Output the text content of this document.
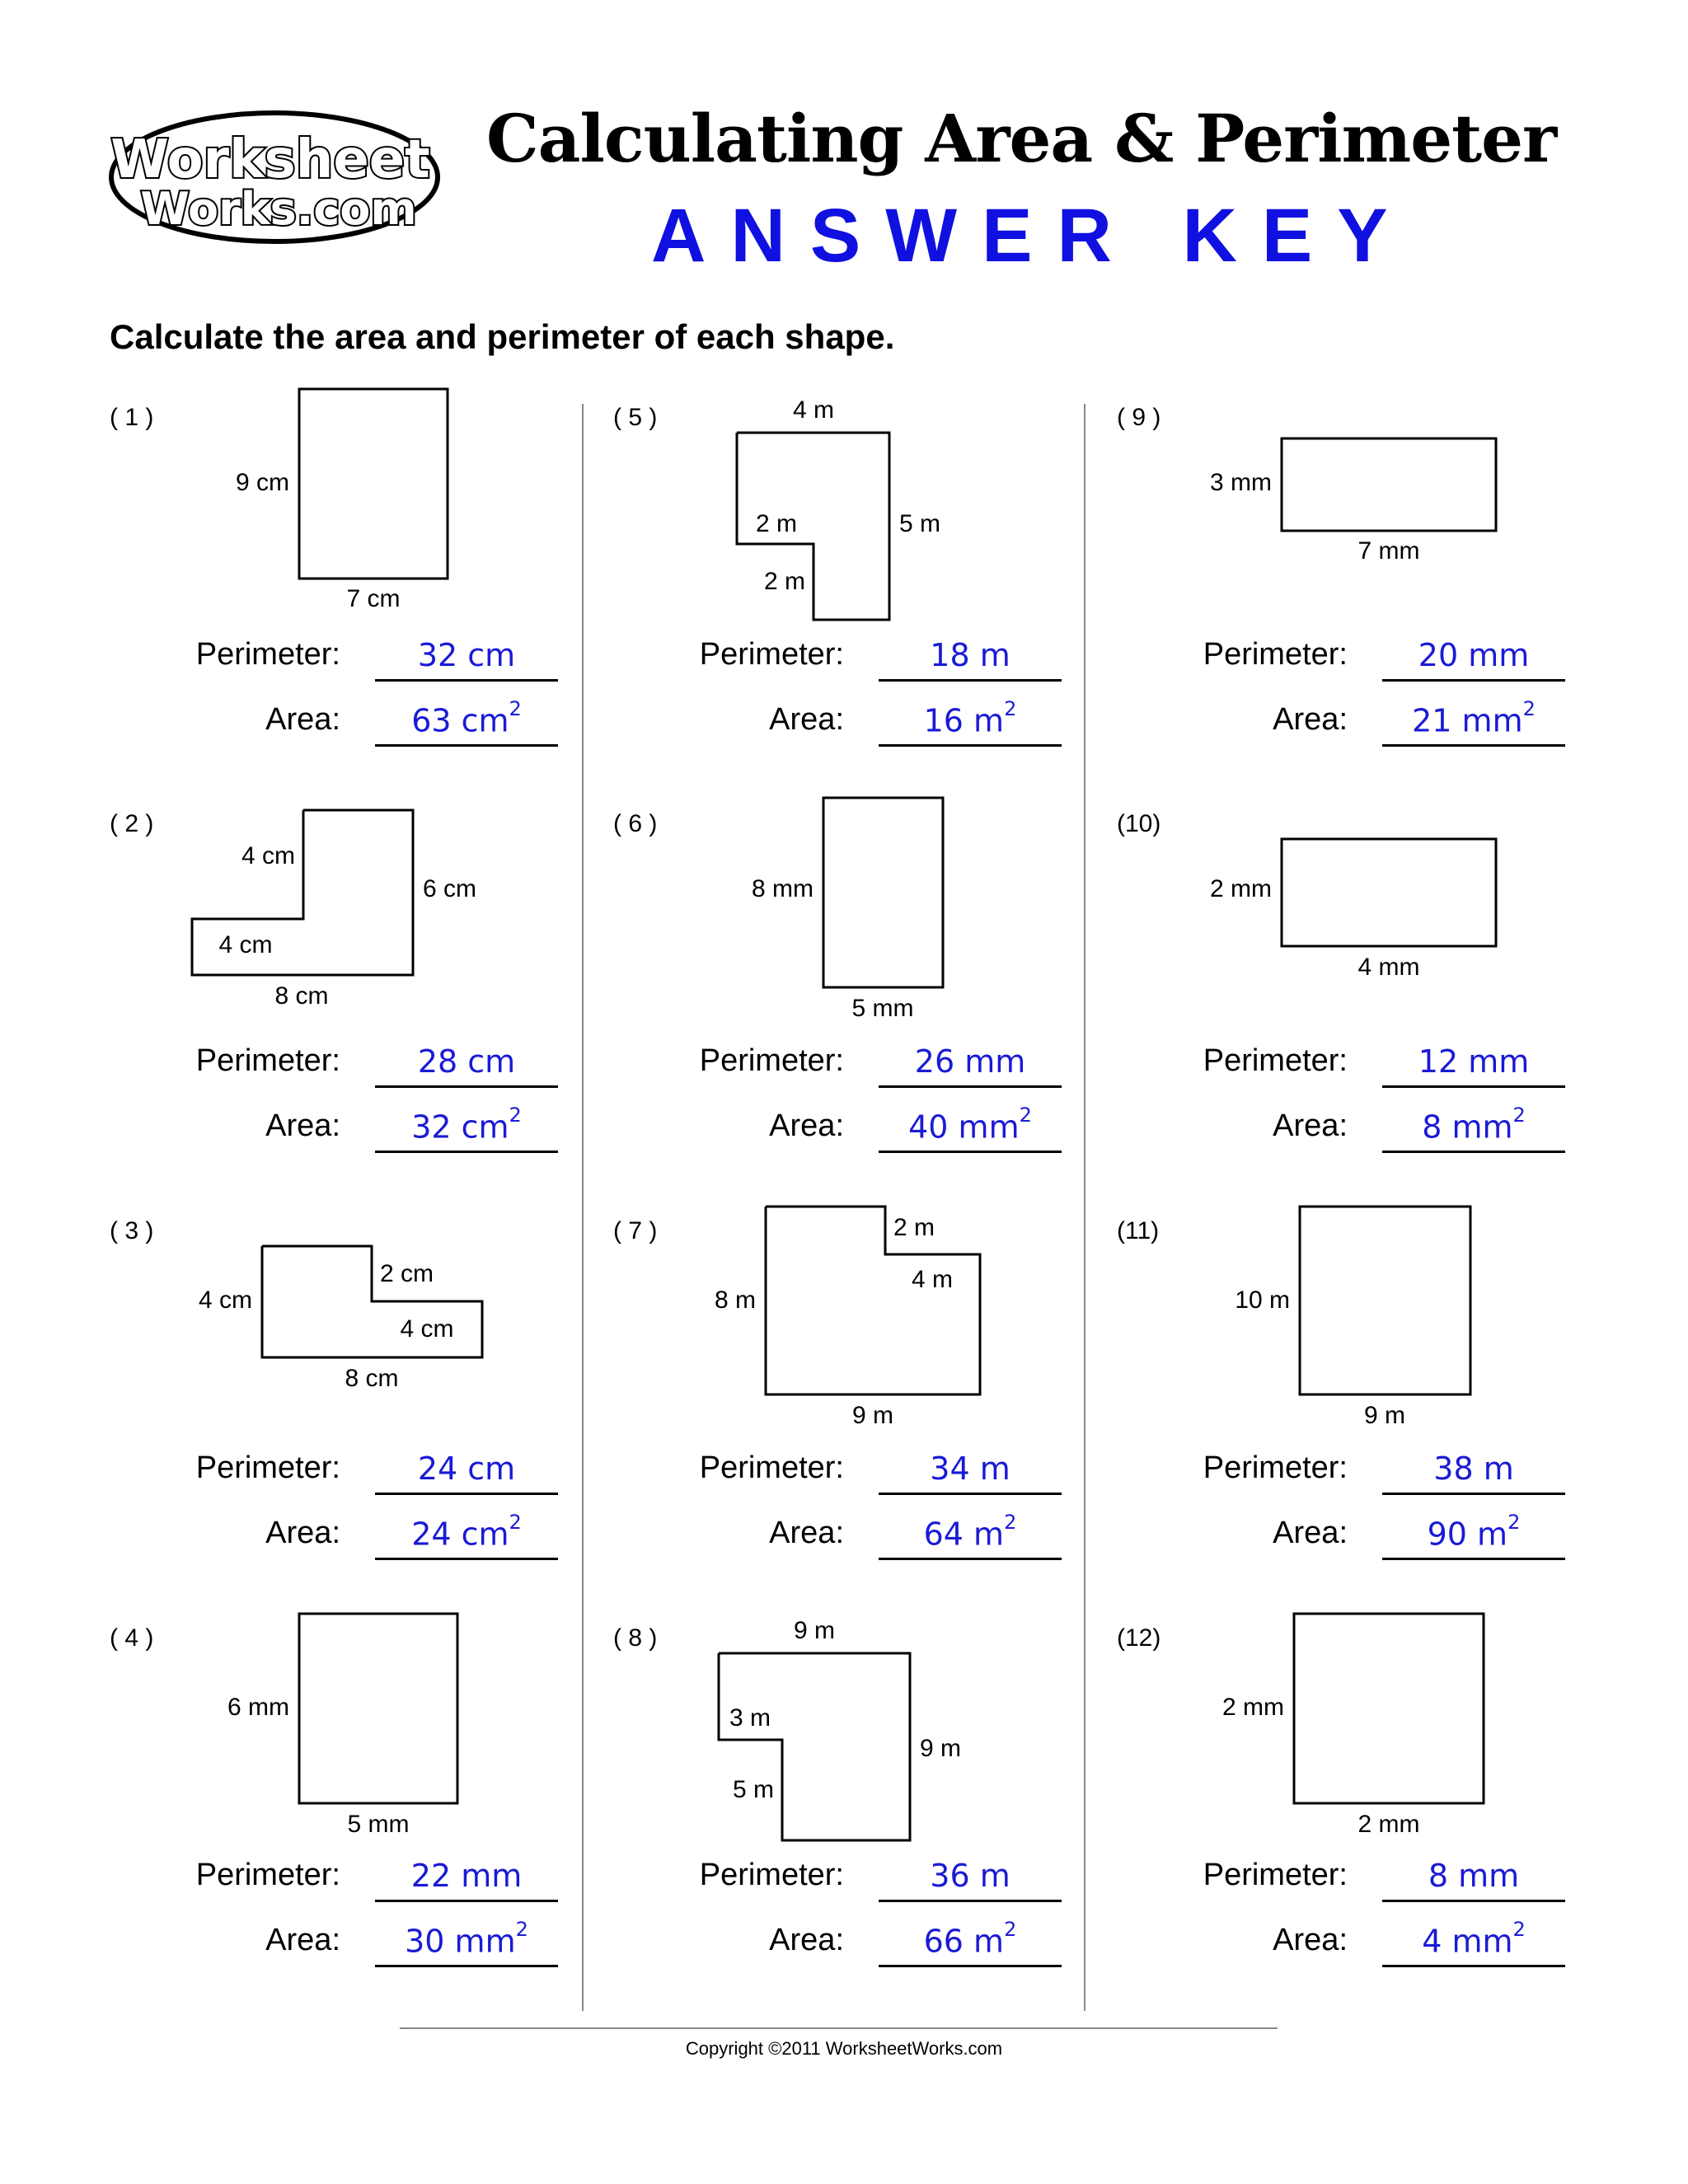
Worksheet
Works.com
Calculating Area & Perimeter
ANSWER KEY
Calculate the area and perimeter of each shape.
( 1 )
9 cm
7 cm
Perimeter:	32 cm
Area:	63 $cm^2$
( 2 )
4 cm
6 cm
4 cm
8 cm
Perimeter:	28 cm
Area:	32 $cm^2$
( 3 )
4 cm
2 cm
4 cm
8 cm
Perimeter:	24 cm
Area:	24 $cm^2$
( 4 )
6 mm
5 mm
Perimeter:	22 mm
Area:	30 $mm^2$
( 5 )	4 m
2 m	5 m
2 m
Perimeter:	18 m
Area:	16 $m^2$
( 6 )
8 mm
5 mm
Perimeter:	26 mm
Area:	40 $mm^2$
( 7 )	2 m
4 m
8 m
9 m
Perimeter:	34 m
Area:	64 $m^2$
( 8 )	9 m
3 m
9 m
5 m
Perimeter:	36 m
Area:	66 $m^2$
( 9 )
3 mm
7 mm
Perimeter:	20 mm
Area:	21 $mm^2$
(10)
2 mm
4 mm
Perimeter:	12 mm
Area:	8 $mm^2$
(11)
10 m
9 m
Perimeter:	38 m
Area:	90 $m^2$
(12)
2 mm
2 mm
Perimeter:	8 mm
Area:	4 $mm^2$
Copyright ©2011 WorksheetWorks.com
